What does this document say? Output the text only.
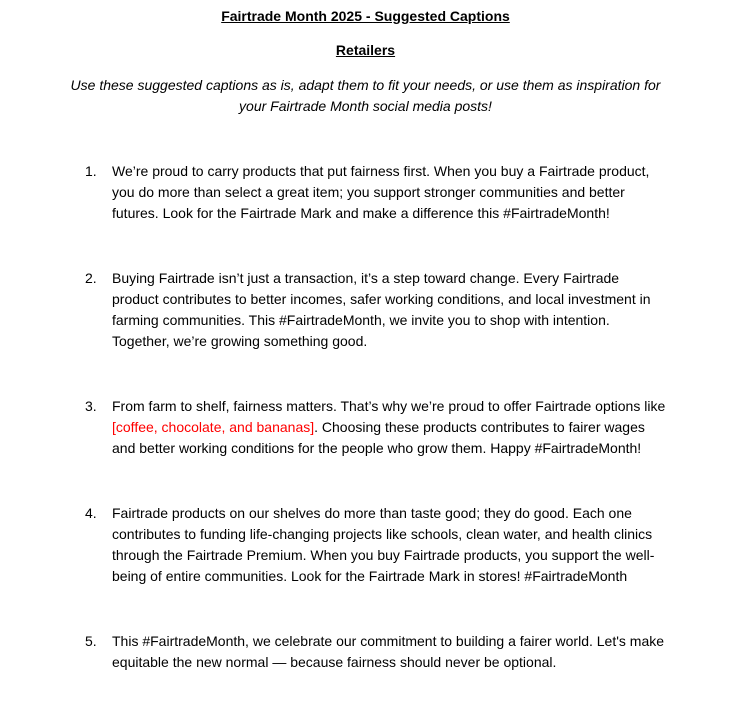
Fairtrade Month 2025 - Suggested Captions
Retailers

Use these suggested captions as is, adapt them to fit your needs, or use them as inspiration for your Fairtrade Month social media posts!

1.	We’re proud to carry products that put fairness first. When you buy a Fairtrade product, you do more than select a great item; you support stronger communities and better futures. Look for the Fairtrade Mark and make a difference this #FairtradeMonth!
2.	Buying Fairtrade isn’t just a transaction, it’s a step toward change. Every Fairtrade product contributes to better incomes, safer working conditions, and local investment in farming communities. This #FairtradeMonth, we invite you to shop with intention. Together, we’re growing something good.
3.	From farm to shelf, fairness matters. That’s why we’re proud to offer Fairtrade options like [coffee, chocolate, and bananas]. Choosing these products contributes to fairer wages and better working conditions for the people who grow them. Happy #FairtradeMonth!
4.	Fairtrade products on our shelves do more than taste good; they do good. Each one contributes to funding life-changing projects like schools, clean water, and health clinics through the Fairtrade Premium. When you buy Fairtrade products, you support the well-being of entire communities. Look for the Fairtrade Mark in stores! #FairtradeMonth
5.	This #FairtradeMonth, we celebrate our commitment to building a fairer world. Let's make equitable the new normal — because fairness should never be optional.
